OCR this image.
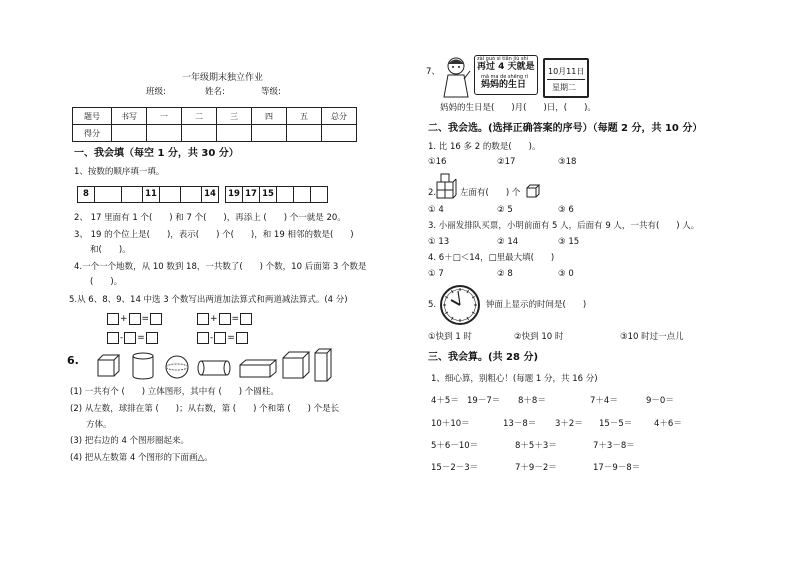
一年级期末独立作业
班级:	姓名:	等级:
题号	书写	一	二	三	四	五	总分
得分							
一、我会填（每空 1 分，共 30 分）
1、按数的顺序填一填。
8	11	14	19 17 15
2、 17 里面有 1 个(　　) 和 7 个(　　)，再添上 (　　) 个一就是 20。
3、 19 的个位上是(　　)，表示(　　) 个(　　)，和 19 相邻的数是(　　)
和(　　)。
4.一个一个地数，从 10 数到 18，一共数了(　　) 个数，10 后面第 3 个数是
(　　)。
5.从 6、8、9、14 中选 3 个数写出两道加法算式和两道减法算式。(4 分)
+ =
- =
+ =
- =
6.
(1) 一共有个 (　　) 立体图形，其中有 (　　) 个圆柱。
(2) 从左数，球排在第 (　　)；从右数，第 (　　) 个和第 (　　) 个是长
方体。
(3) 把右边的 4 个图形圈起来。
(4) 把从左数第 4 个图形的下面画△。
7、
zài guò sì tiān jiù shì
再过 4 天就是
mā ma de shēng rì
妈妈的生日
10月11日
星期二
妈妈的生日是(　　)月(　　)日，(　　)。
二、我会选。(选择正确答案的序号）（每题 2 分，共 10 分）
1. 比 16 多 2 的数是(　　)。
①16	②17	③18
2.	左面有(　　) 个
① 4	② 5	③ 6
3. 小丽发排队买票，小明前面有 5 人，后面有 9 人，一共有(　　) 人。
① 13	② 14	③ 15
4. 6＋□＜14，□里最大填(　　)
① 7	② 8	③ 0
5.	钟面上显示的时间是(　　)
①快到 1 时	②快到 10 时	③10 时过一点儿
三、我会算。(共 28 分)
1、细心算，别粗心！(每题 1 分，共 16 分)
4＋5＝ 19－7＝ 8＋8＝	7＋4＝	9－0＝
10＋10＝	13－8＝ 3＋2＝ 15－5＝	4＋6＝
5＋6－10＝	8＋5＋3＝	7＋3－8＝
15－2－3＝	7＋9－2＝	17－9－8＝
